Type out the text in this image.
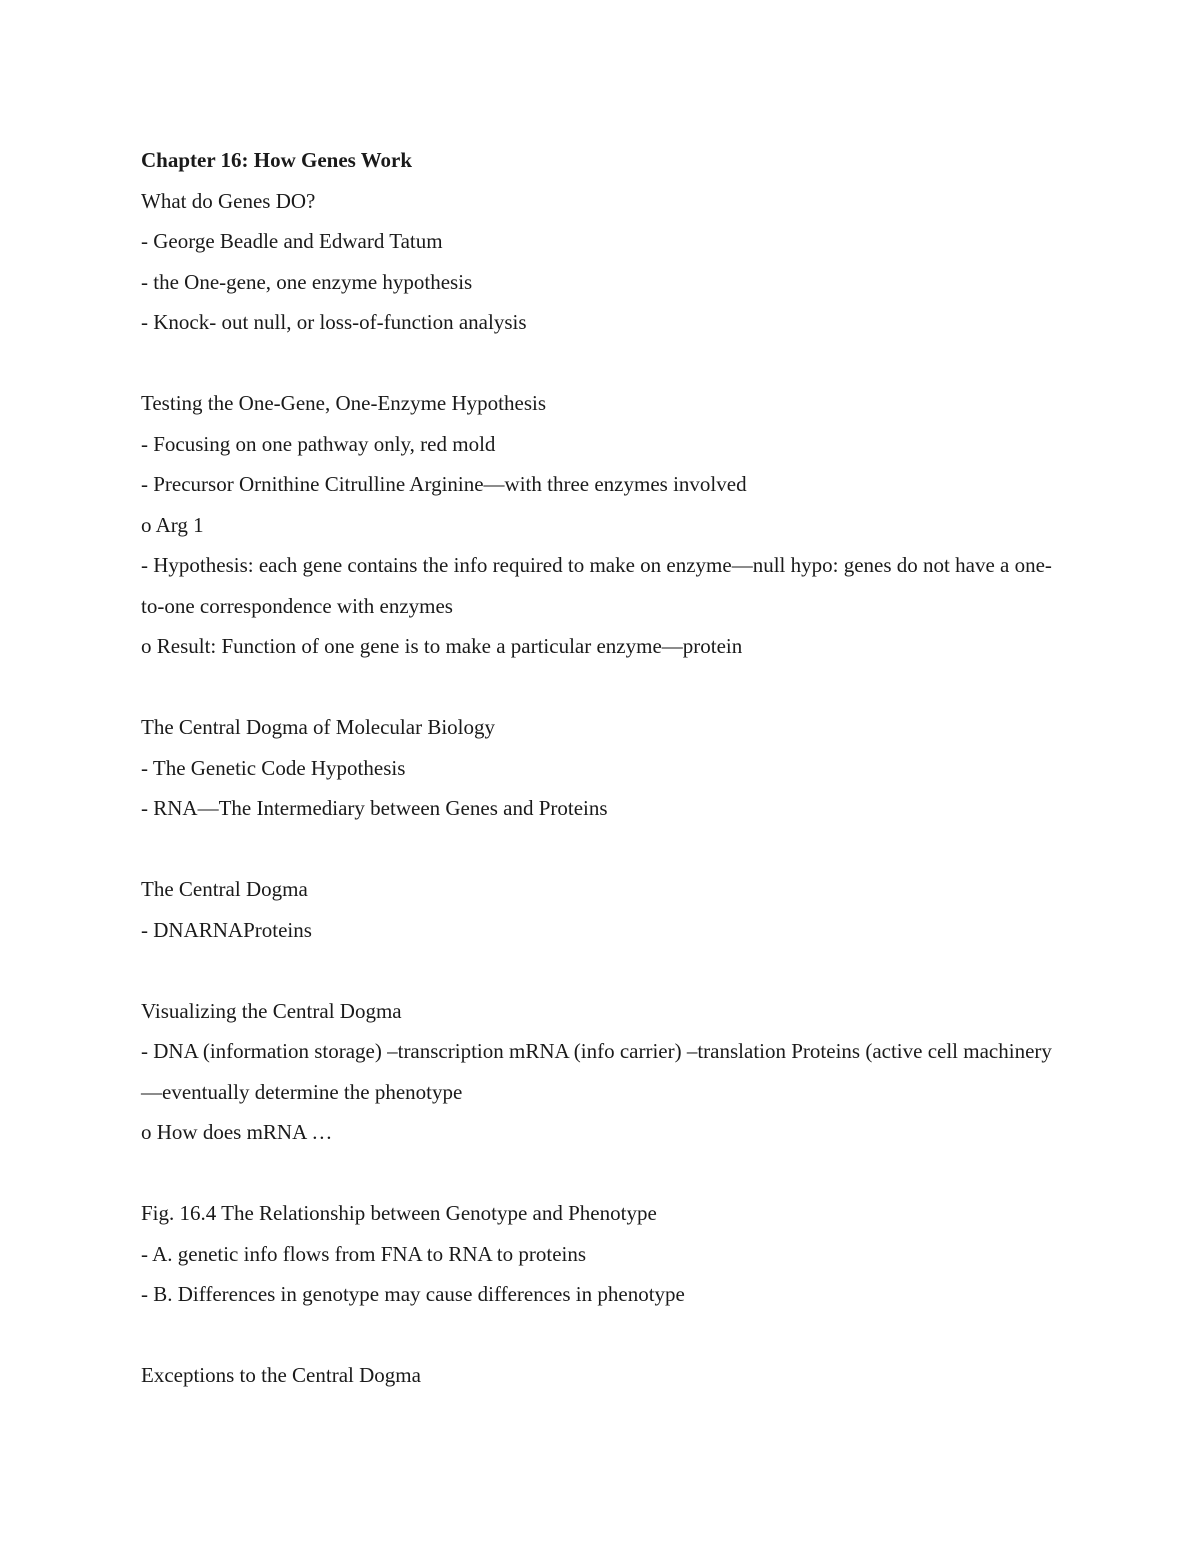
Chapter 16: How Genes Work

What do Genes DO?

- George Beadle and Edward Tatum

- the One-gene, one enzyme hypothesis

- Knock- out null, or loss-of-function analysis

Testing the One-Gene, One-Enzyme Hypothesis

- Focusing on one pathway only, red mold

- Precursor Ornithine Citrulline Arginine—with three enzymes involved

o Arg 1

- Hypothesis: each gene contains the info required to make on enzyme—null hypo: genes do not have a one-to-one correspondence with enzymes

o Result: Function of one gene is to make a particular enzyme—protein

The Central Dogma of Molecular Biology

- The Genetic Code Hypothesis

- RNA—The Intermediary between Genes and Proteins

The Central Dogma

- DNARNAProteins

Visualizing the Central Dogma

- DNA (information storage) –transcription mRNA (info carrier) –translation Proteins (active cell machinery—eventually determine the phenotype

o How does mRNA …

Fig. 16.4 The Relationship between Genotype and Phenotype

- A. genetic info flows from FNA to RNA to proteins

- B. Differences in genotype may cause differences in phenotype

Exceptions to the Central Dogma
